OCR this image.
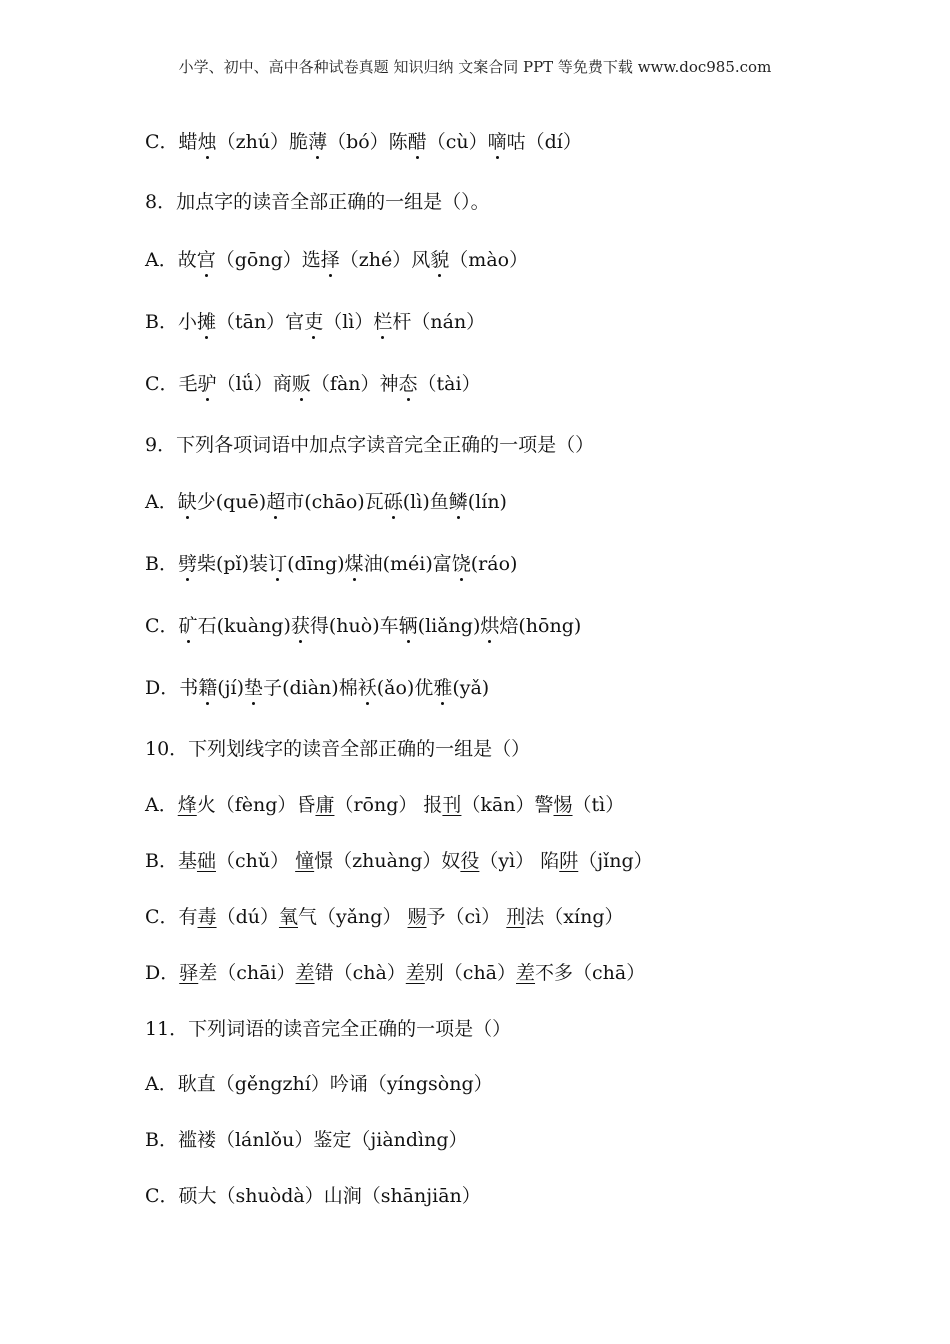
小学、初中、高中各种试卷真题 知识归纳 文案合同 PPT 等免费下载 www.doc985.com
C．蜡烛（zhú）脆薄（bó）陈醋（cù）嘀咕（dí）
8．加点字的读音全部正确的一组是（）。
A．故宫（gōng）选择（zhé）风貌（mào）
B．小摊（tān）官吏（lì）栏杆（nán）
C．毛驴（lǘ）商贩（fàn）神态（tài）
9．下列各项词语中加点字读音完全正确的一项是（）
A．缺少(quē)超市(chāo)瓦砾(lì)鱼鳞(lín)
B．劈柴(pǐ)装订(dīng)煤油(méi)富饶(ráo)
C．矿石(kuàng)获得(huò)车辆(liǎng)烘焙(hōng)
D．书籍(jí)垫子(diàn)棉袄(ǎo)优雅(yǎ)
10．下列划线字的读音全部正确的一组是（）
A．烽火（fèng）昏庸（rōng） 报刊（kān）警惕（tì）
B．基础（chǔ） 憧憬（zhuàng）奴役（yì） 陷阱（jǐng）
C．有毒（dú）氧气（yǎng） 赐予（cì） 刑法（xíng）
D．驿差（chāi）差错（chà）差别（chā）差不多（chā）
11．下列词语的读音完全正确的一项是（）
A．耿直（gěngzhí）吟诵（yíngsòng）
B．褴褛（lánlǒu）鉴定（jiàndìng）
C．硕大（shuòdà）山涧（shānjiān）
